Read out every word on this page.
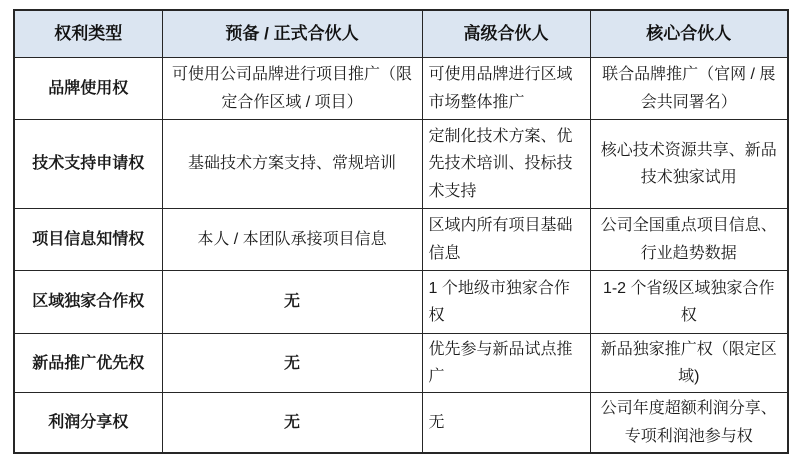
权利类型	预备 / 正式合伙人	高级合伙人	核心合伙人
品牌使用权	可使用公司品牌进行项目推广（限定合作区域 / 项目）	可使用品牌进行区域市场整体推广	联合品牌推广（官网 / 展会共同署名）
技术支持申请权	基础技术方案支持、常规培训	定制化技术方案、优先技术培训、投标技术支持	核心技术资源共享、新品技术独家试用
项目信息知情权	本人 / 本团队承接项目信息	区域内所有项目基础信息	公司全国重点项目信息、行业趋势数据
区域独家合作权	无	1 个地级市独家合作权	1-2 个省级区域独家合作权
新品推广优先权	无	优先参与新品试点推广	新品独家推广权（限定区域)
利润分享权	无	无	公司年度超额利润分享、专项利润池参与权
